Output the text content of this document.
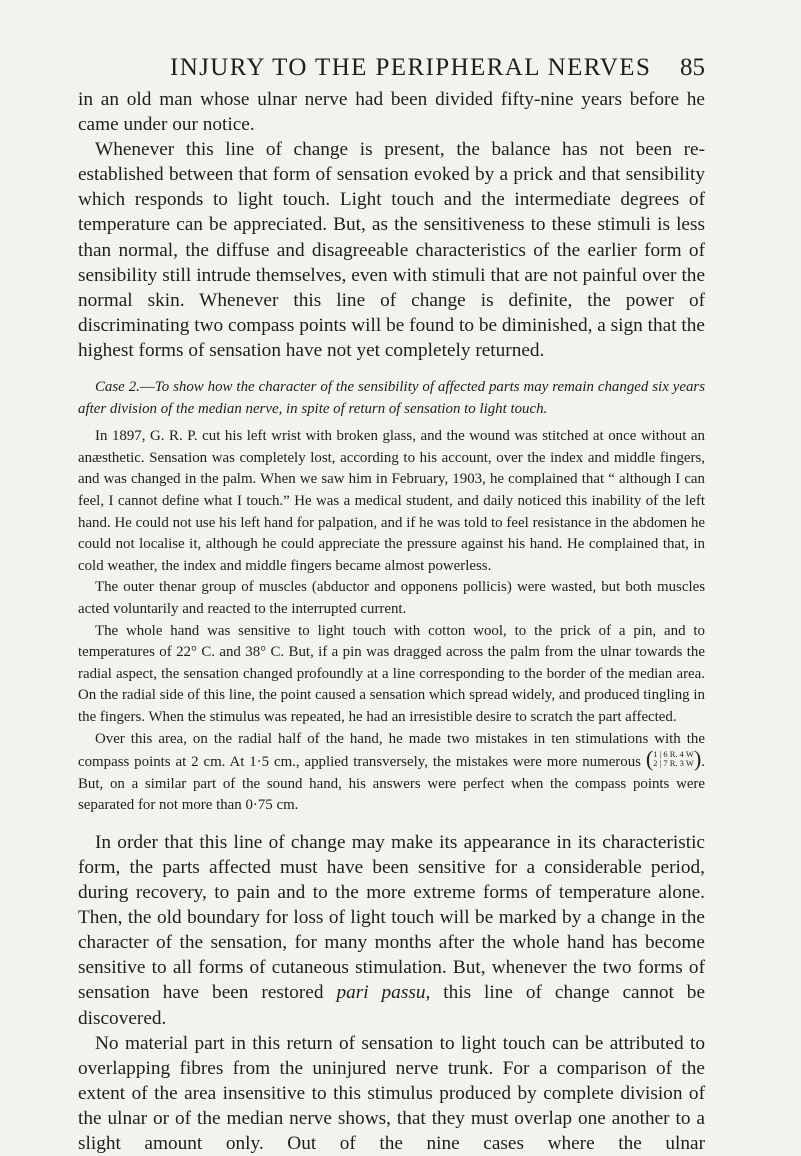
INJURY TO THE PERIPHERAL NERVES 85

in an old man whose ulnar nerve had been divided fifty-nine years before he

came under our notice.

Whenever this line of change is present, the balance has not been re-established between that form of sensation evoked by a prick and that sensibility which responds to light touch. Light touch and the intermediate degrees of temperature can be appreciated. But, as the sensitiveness to these stimuli is less than normal, the diffuse and disagreeable characteristics of the earlier form of sensibility still intrude themselves, even with stimuli that are not painful over the normal skin. Whenever this line of change is definite, the power of discriminating two compass points will be found to be diminished, a sign that the highest forms of sensation have not yet completely returned.

Case 2.—To show how the character of the sensibility of affected parts may remain changed six years after division of the median nerve, in spite of return of sensation to light touch.

In 1897, G. R. P. cut his left wrist with broken glass, and the wound was stitched at once without an anæsthetic. Sensation was completely lost, according to his account, over the index and middle fingers, and was changed in the palm. When we saw him in February, 1903, he complained that “ although I can feel, I cannot define what I touch.” He was a medical student, and daily noticed this inability of the left hand. He could not use his left hand for palpation, and if he was told to feel resistance in the abdomen he could not localise it, although he could appreciate the pressure against his hand. He complained that, in cold weather, the index and middle fingers became almost powerless.

The outer thenar group of muscles (abductor and opponens pollicis) were wasted, but both muscles acted voluntarily and reacted to the interrupted current.

The whole hand was sensitive to light touch with cotton wool, to the prick of a pin, and to temperatures of 22° C. and 38° C. But, if a pin was dragged across the palm from the ulnar towards the radial aspect, the sensation changed profoundly at a line corresponding to the border of the median area. On the radial side of this line, the point caused a sensation which spread widely, and produced tingling in the fingers. When the stimulus was repeated, he had an irresistible desire to scratch the part affected.

Over this area, on the radial half of the hand, he made two mistakes in ten stimulations with the compass points at 2 cm. At 1·5 cm., applied transversely, the mistakes were more numerous ( 1 | 6 R. 4 W
2 | 7 R. 3 W ) . But, on a similar part of the sound hand, his answers were perfect when the compass points were separated for not more than 0·75 cm.

In order that this line of change may make its appearance in its characteristic form, the parts affected must have been sensitive for a considerable period, during recovery, to pain and to the more extreme forms of temperature alone. Then, the old boundary for loss of light touch will be marked by a change in the character of the sensation, for many months after the whole hand has become sensitive to all forms of cutaneous stimulation. But, whenever the two forms of sensation have been restored pari passu, this line of change cannot be discovered.

No material part in this return of sensation to light touch can be attributed to overlapping fibres from the uninjured nerve trunk. For a comparison of the extent of the area insensitive to this stimulus produced by complete division of the ulnar or of the median nerve shows, that they must overlap one another to a slight amount only. Out of the nine cases where the ulnar
